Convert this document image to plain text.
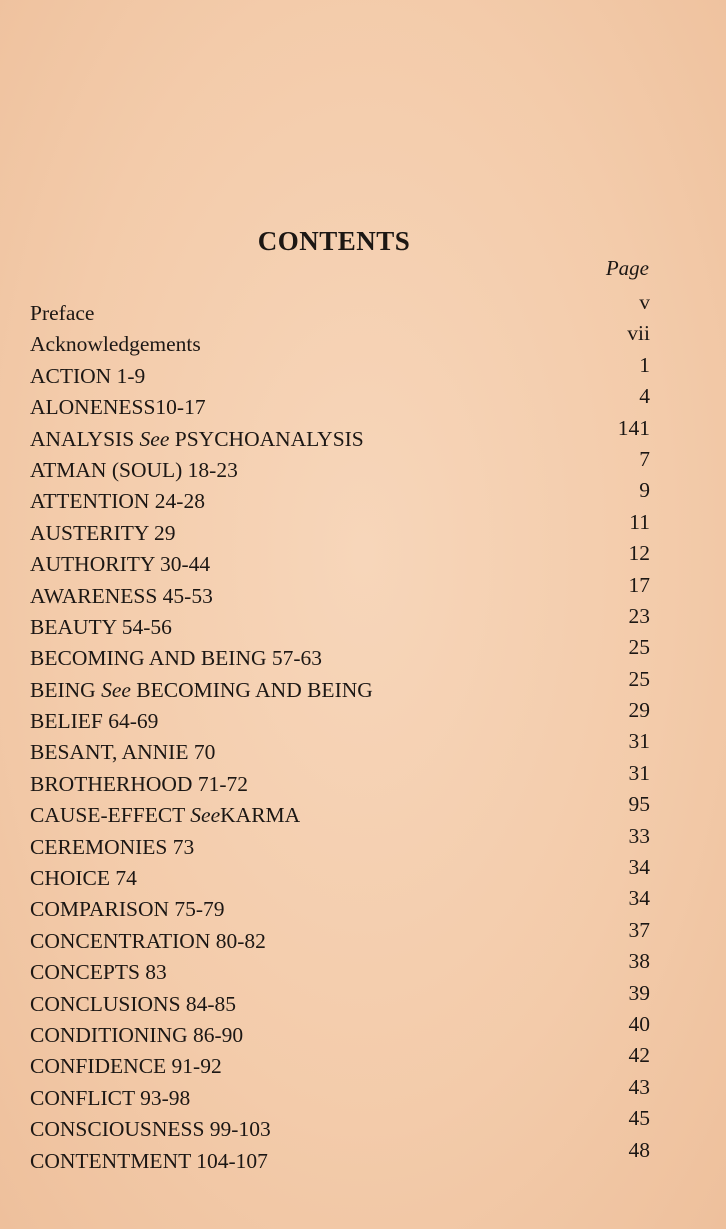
CONTENTS
Page
Preface	v
Acknowledgements	vii
ACTION 1-9	1
ALONENESS10-17	4
ANALYSIS See PSYCHOANALYSIS	141
ATMAN (SOUL) 18-23	7
ATTENTION 24-28	9
AUSTERITY 29	11
AUTHORITY 30-44	12
AWARENESS 45-53	17
BEAUTY 54-56	23
BECOMING AND BEING 57-63	25
BEING See BECOMING AND BEING	25
BELIEF 64-69	29
BESANT, ANNIE 70	31
BROTHERHOOD 71-72	31
CAUSE-EFFECT SeeKARMA	95
CEREMONIES 73	33
CHOICE 74	34
COMPARISON 75-79	34
CONCENTRATION 80-82	37
CONCEPTS 83	38
CONCLUSIONS 84-85	39
CONDITIONING 86-90	40
CONFIDENCE 91-92	42
CONFLICT 93-98	43
CONSCIOUSNESS 99-103	45
CONTENTMENT 104-107	48
